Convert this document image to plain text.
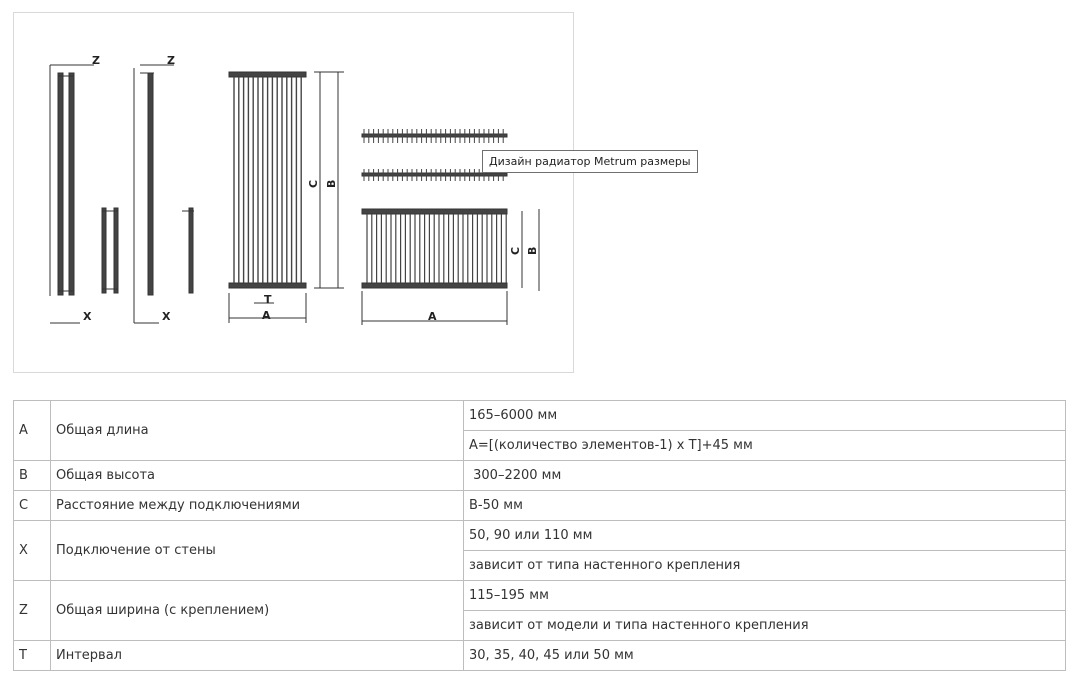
Z
X
Z
X
C B
T
A
C B
A
Дизайн радиатор Metrum размеры
A	Общая длина	165–6000 мм
		A=[(количество элементов-1) x T]+45 мм
B	Общая высота	300–2200 мм
C	Расстояние между подключениями	B-50 мм
X	Подключение от стены	50, 90 или 110 мм
		зависит от типа настенного крепления
Z	Общая ширина (с креплением)	115–195 мм
		зависит от модели и типа настенного крепления
T	Интервал	30, 35, 40, 45 или 50 мм
